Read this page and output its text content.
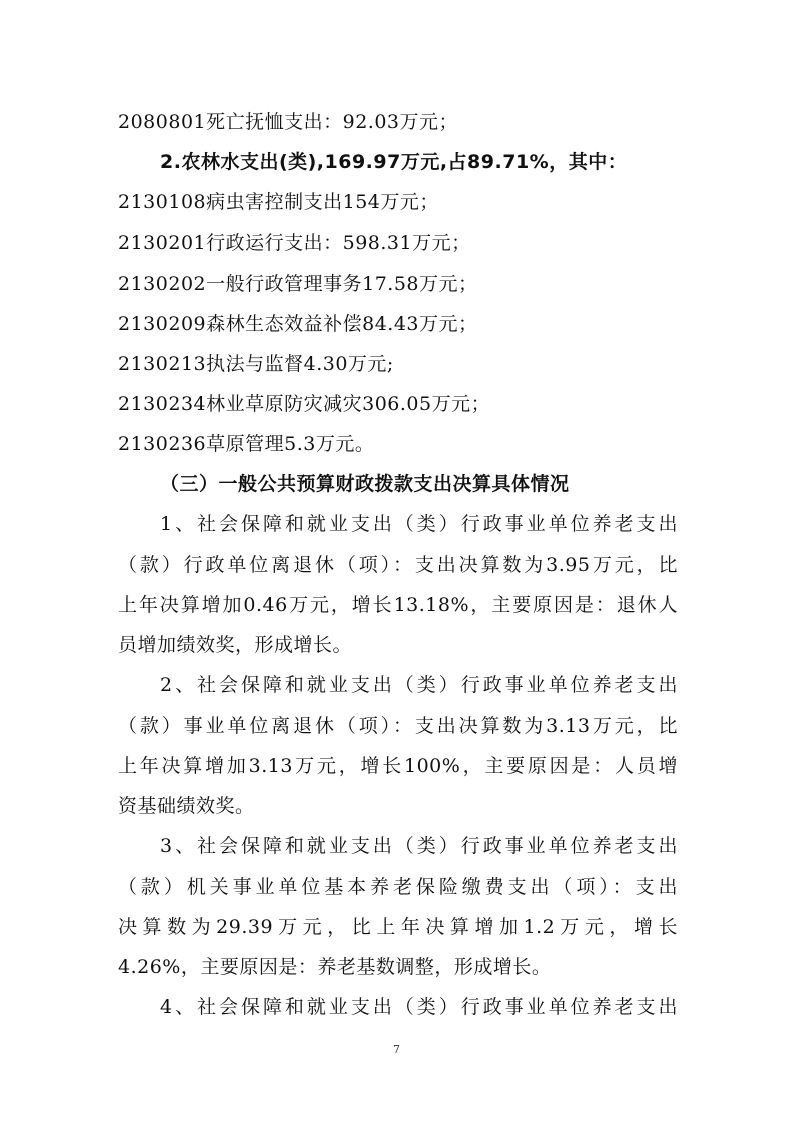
2080801死亡抚恤支出：92.03万元；
2.农林水支出(类),169.97万元,占89.71%，其中：
2130108病虫害控制支出154万元；
2130201行政运行支出：598.31万元；
2130202一般行政管理事务17.58万元；
2130209森林生态效益补偿84.43万元；
2130213执法与监督4.30万元;
2130234林业草原防灾减灾306.05万元；
2130236草原管理5.3万元。
（三）一般公共预算财政拨款支出决算具体情况
1、社会保障和就业支出（类）行政事业单位养老支出
（款）行政单位离退休（项）：支出决算数为3.95万元，比
上年决算增加0.46万元，增长13.18%，主要原因是：退休人
员增加绩效奖，形成增长。
2、社会保障和就业支出（类）行政事业单位养老支出
（款）事业单位离退休（项）：支出决算数为3.13万元，比
上年决算增加3.13万元，增长100%，主要原因是：人员增
资基础绩效奖。
3、社会保障和就业支出（类）行政事业单位养老支出
（款）机关事业单位基本养老保险缴费支出（项）：支出
决算数为29.39万元，比上年决算增加1.2万元，增长
4.26%，主要原因是：养老基数调整，形成增长。
4、社会保障和就业支出（类）行政事业单位养老支出
7
